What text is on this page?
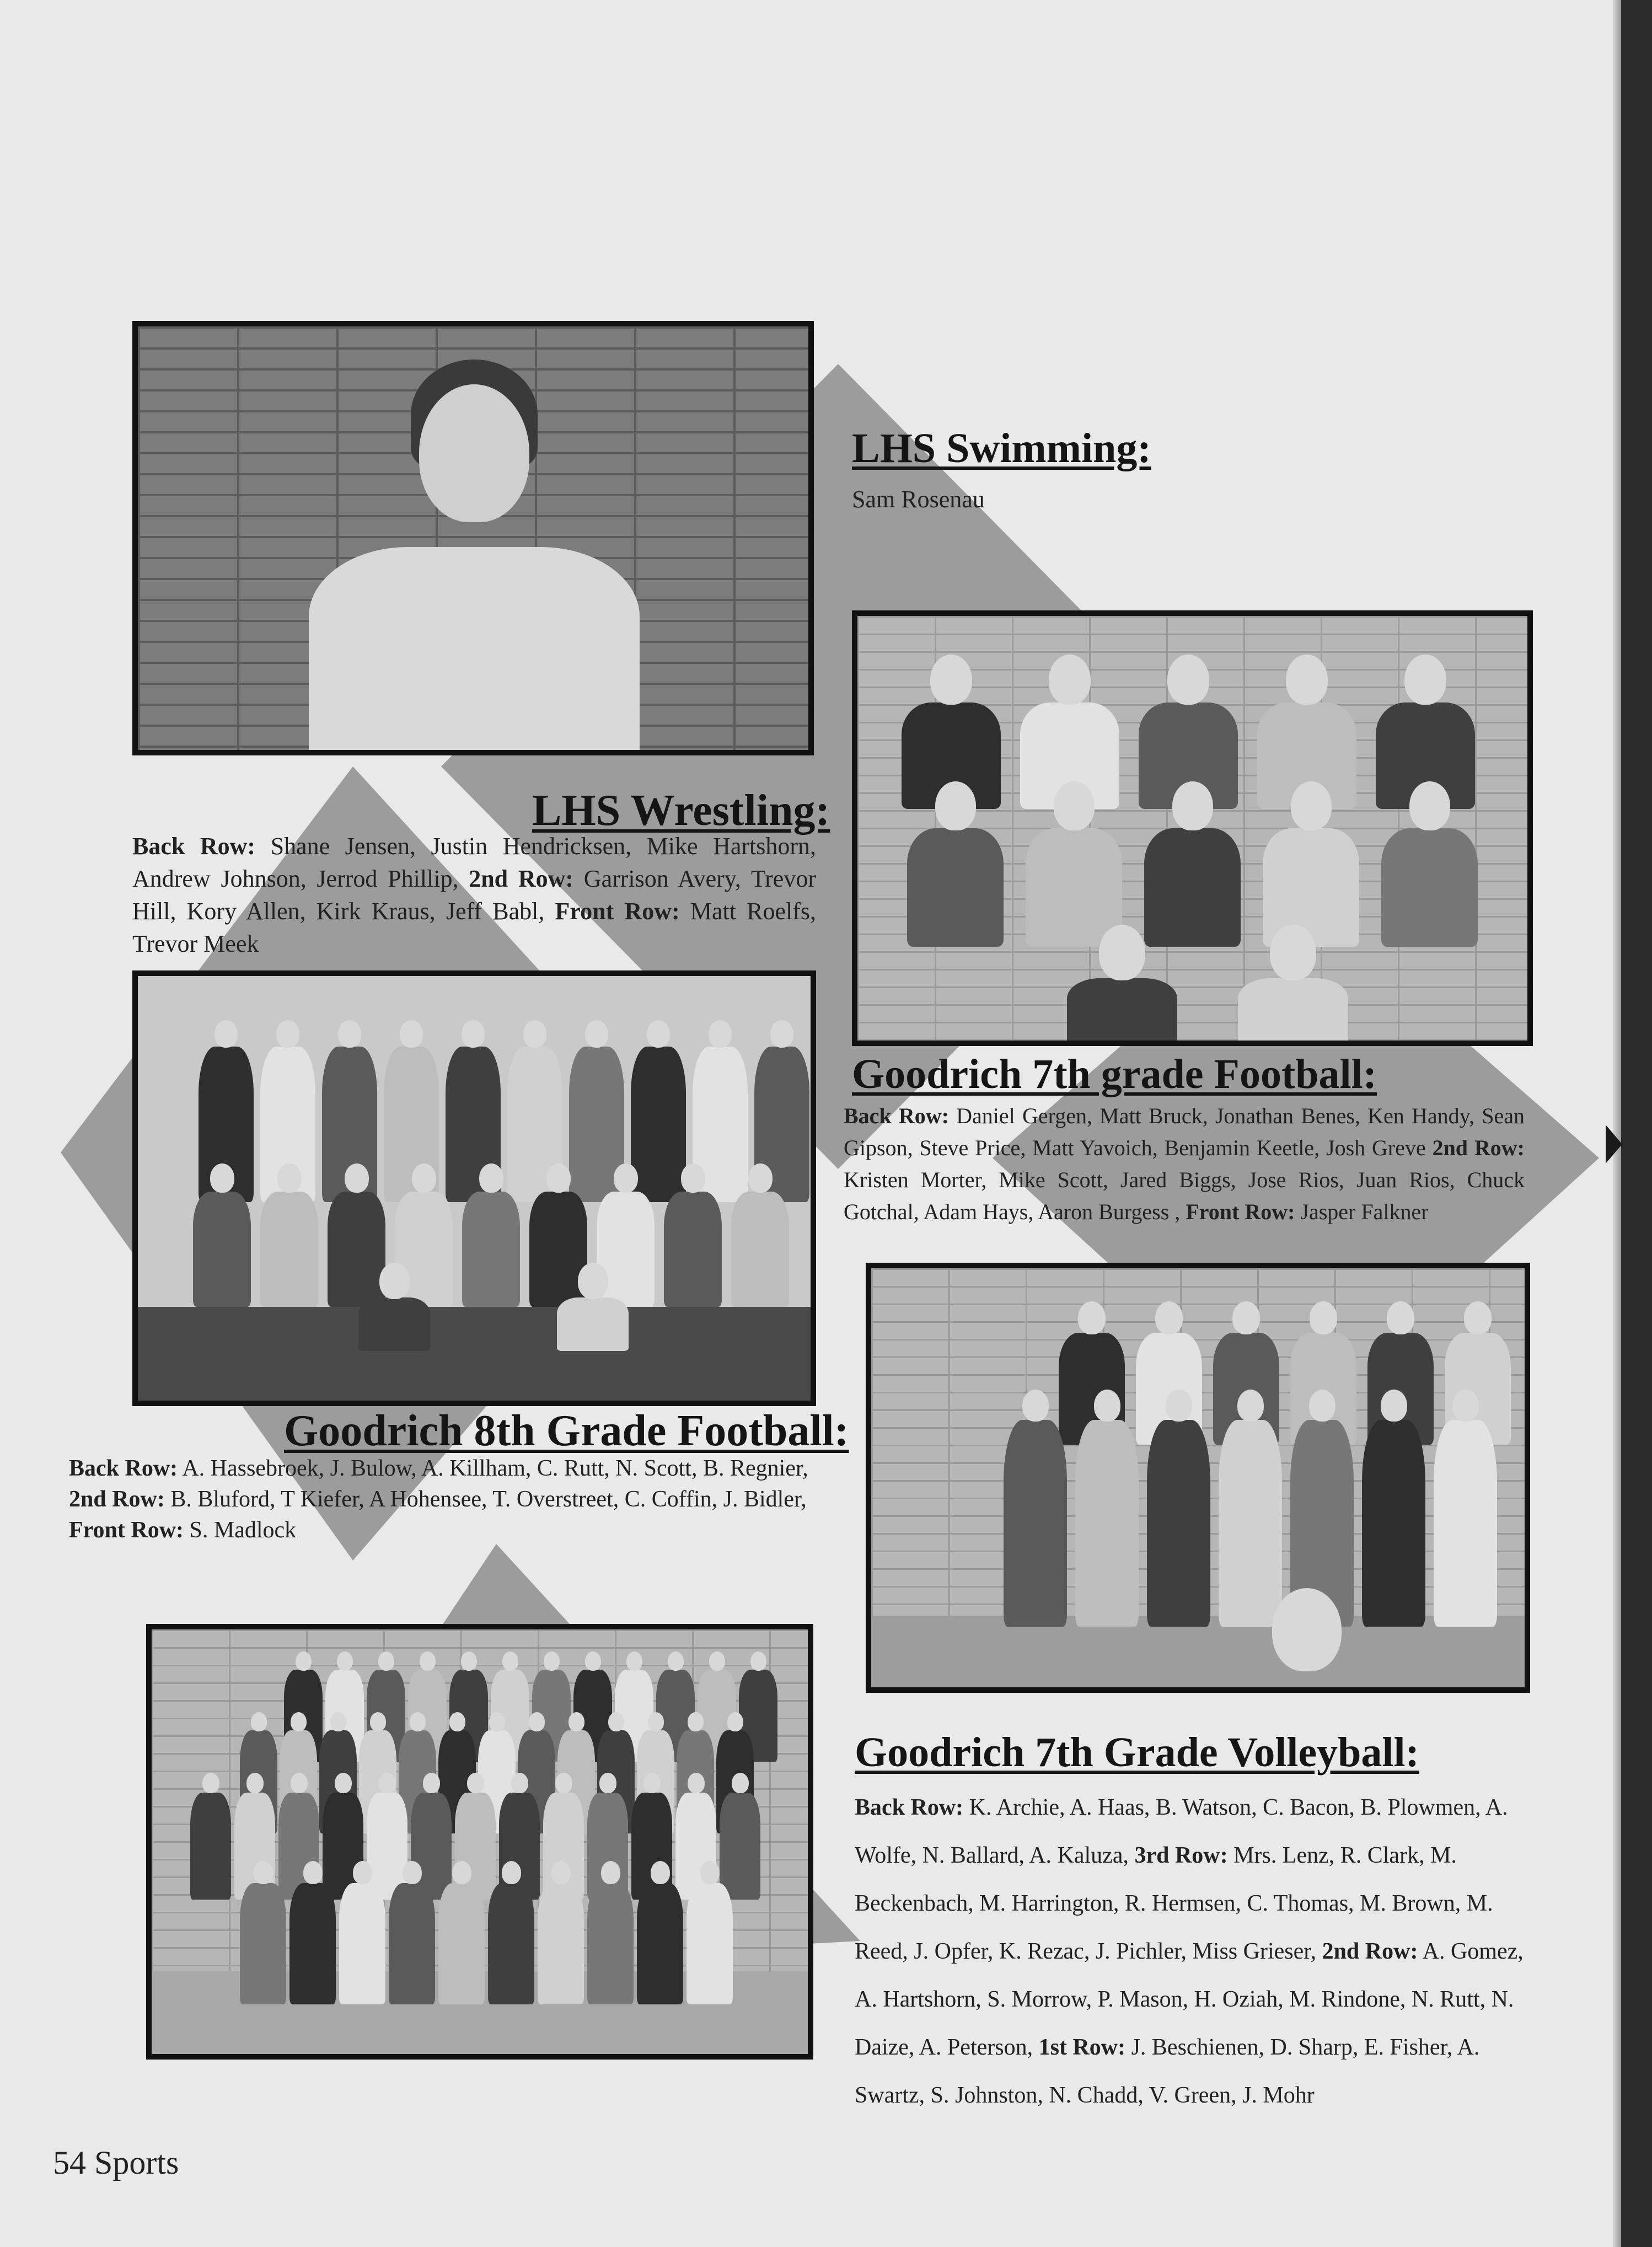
LHS Swimming:

Sam Rosenau

LHS Wrestling:

Back Row: Shane Jensen, Justin Hendricksen, Mike Hartshorn, Andrew Johnson, Jerrod Phillip, 2nd Row: Garrison Avery, Trevor Hill, Kory Allen, Kirk Kraus, Jeff Babl, Front Row: Matt Roelfs, Trevor Meek

Goodrich 7th grade Football:

Back Row: Daniel Gergen, Matt Bruck, Jonathan Benes, Ken Handy, Sean Gipson, Steve Price, Matt Yavoich, Benjamin Keetle, Josh Greve 2nd Row: Kristen Morter, Mike Scott, Jared Biggs, Jose Rios, Juan Rios, Chuck Gotchal, Adam Hays, Aaron Burgess , Front Row: Jasper Falkner

Goodrich 8th Grade Football:

Back Row: A. Hassebroek, J. Bulow, A. Killham, C. Rutt, N. Scott, B. Regnier, 2nd Row: B. Bluford, T Kiefer, A Hohensee, T. Overstreet, C. Coffin, J. Bidler, Front Row: S. Madlock

Goodrich 7th Grade Volleyball:

Back Row: K. Archie, A. Haas, B. Watson, C. Bacon, B. Plowmen, A. Wolfe, N. Ballard, A. Kaluza, 3rd Row: Mrs. Lenz, R. Clark, M. Beckenbach, M. Harrington, R. Hermsen, C. Thomas, M. Brown, M. Reed, J. Opfer, K. Rezac, J. Pichler, Miss Grieser, 2nd Row: A. Gomez, A. Hartshorn, S. Morrow, P. Mason, H. Oziah, M. Rindone, N. Rutt, N. Daize, A. Peterson, 1st Row: J. Beschienen, D. Sharp, E. Fisher, A. Swartz, S. Johnston, N. Chadd, V. Green, J. Mohr

54 Sports
